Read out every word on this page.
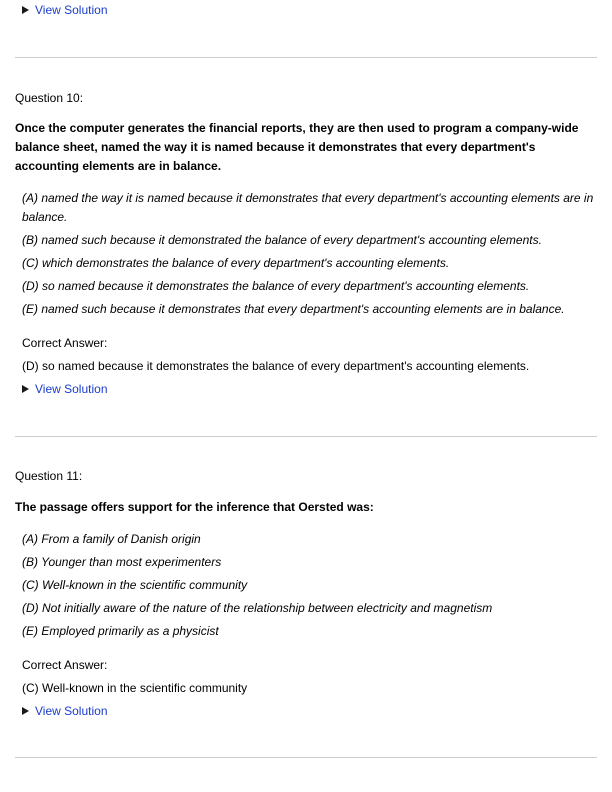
View Solution
Question 10:
Once the computer generates the financial reports, they are then used to program a company-wide balance sheet, named the way it is named because it demonstrates that every department's accounting elements are in balance.
(A) named the way it is named because it demonstrates that every department's accounting elements are in balance.
(B) named such because it demonstrated the balance of every department's accounting elements.
(C) which demonstrates the balance of every department's accounting elements.
(D) so named because it demonstrates the balance of every department's accounting elements.
(E) named such because it demonstrates that every department's accounting elements are in balance.
Correct Answer:
(D) so named because it demonstrates the balance of every department's accounting elements.
View Solution
Question 11:
The passage offers support for the inference that Oersted was:
(A) From a family of Danish origin
(B) Younger than most experimenters
(C) Well-known in the scientific community
(D) Not initially aware of the nature of the relationship between electricity and magnetism
(E) Employed primarily as a physicist
Correct Answer:
(C) Well-known in the scientific community
View Solution
